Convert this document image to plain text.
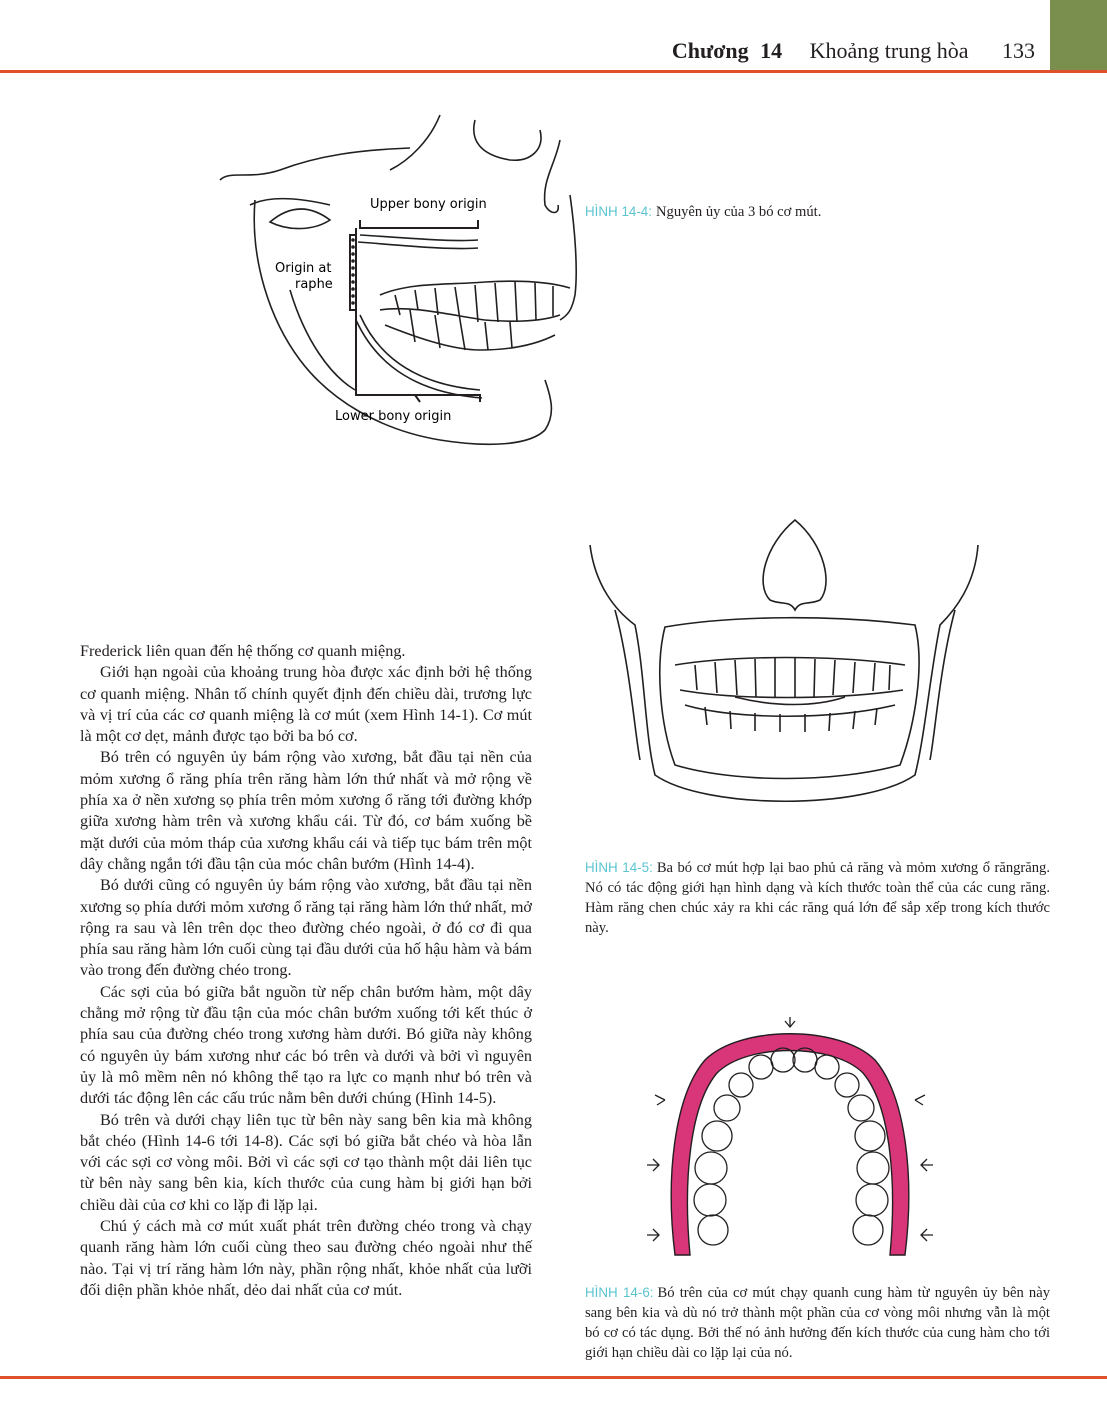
Chương 14 Khoảng trung hòa 133
Upper bony origin
Origin at
raphe
Lower bony origin
HÌNH 14-4: Nguyên ủy của 3 bó cơ mút.
HÌNH 14-5: Ba bó cơ mút hợp lại bao phủ cả răng và mỏm xương ổ răngrăng. Nó có tác động giới hạn hình dạng và kích thước toàn thể của các cung răng. Hàm răng chen chúc xảy ra khi các răng quá lớn để sắp xếp trong kích thước này.
HÌNH 14-6: Bó trên của cơ mút chạy quanh cung hàm từ nguyên ủy bên này sang bên kia và dù nó trở thành một phần của cơ vòng môi nhưng vẫn là một bó cơ có tác dụng. Bởi thế nó ảnh hưởng đến kích thước của cung hàm cho tới giới hạn chiều dài co lặp lại của nó.

Frederick liên quan đến hệ thống cơ quanh miệng.

Giới hạn ngoài của khoảng trung hòa được xác định bởi hệ thống cơ quanh miệng. Nhân tố chính quyết định đến chiều dài, trương lực và vị trí của các cơ quanh miệng là cơ mút (xem Hình 14-1). Cơ mút là một cơ dẹt, mảnh được tạo bởi ba bó cơ.

Bó trên có nguyên ủy bám rộng vào xương, bắt đầu tại nền của mỏm xương ổ răng phía trên răng hàm lớn thứ nhất và mở rộng về phía xa ở nền xương sọ phía trên mỏm xương ổ răng tới đường khớp giữa xương hàm trên và xương khẩu cái. Từ đó, cơ bám xuống bề mặt dưới của mỏm tháp của xương khẩu cái và tiếp tục bám trên một dây chằng ngắn tới đầu tận của móc chân bướm (Hình 14-4).

Bó dưới cũng có nguyên ủy bám rộng vào xương, bắt đầu tại nền xương sọ phía dưới mỏm xương ổ răng tại răng hàm lớn thứ nhất, mở rộng ra sau và lên trên dọc theo đường chéo ngoài, ở đó cơ đi qua phía sau răng hàm lớn cuối cùng tại đầu dưới của hố hậu hàm và bám vào trong đến đường chéo trong.

Các sợi của bó giữa bắt nguồn từ nếp chân bướm hàm, một dây chằng mở rộng từ đầu tận của móc chân bướm xuống tới kết thúc ở phía sau của đường chéo trong xương hàm dưới. Bó giữa này không có nguyên ủy bám xương như các bó trên và dưới và bởi vì nguyên ủy là mô mềm nên nó không thể tạo ra lực co mạnh như bó trên và dưới tác động lên các cấu trúc nằm bên dưới chúng (Hình 14-5).

Bó trên và dưới chạy liên tục từ bên này sang bên kia mà không bắt chéo (Hình 14-6 tới 14-8). Các sợi bó giữa bắt chéo và hòa lẫn với các sợi cơ vòng môi. Bởi vì các sợi cơ tạo thành một dải liên tục từ bên này sang bên kia, kích thước của cung hàm bị giới hạn bởi chiều dài của cơ khi co lặp đi lặp lại.

Chú ý cách mà cơ mút xuất phát trên đường chéo trong và chạy quanh răng hàm lớn cuối cùng theo sau đường chéo ngoài như thế nào. Tại vị trí răng hàm lớn này, phần rộng nhất, khỏe nhất của lưỡi đối diện phần khỏe nhất, dẻo dai nhất của cơ mút.
